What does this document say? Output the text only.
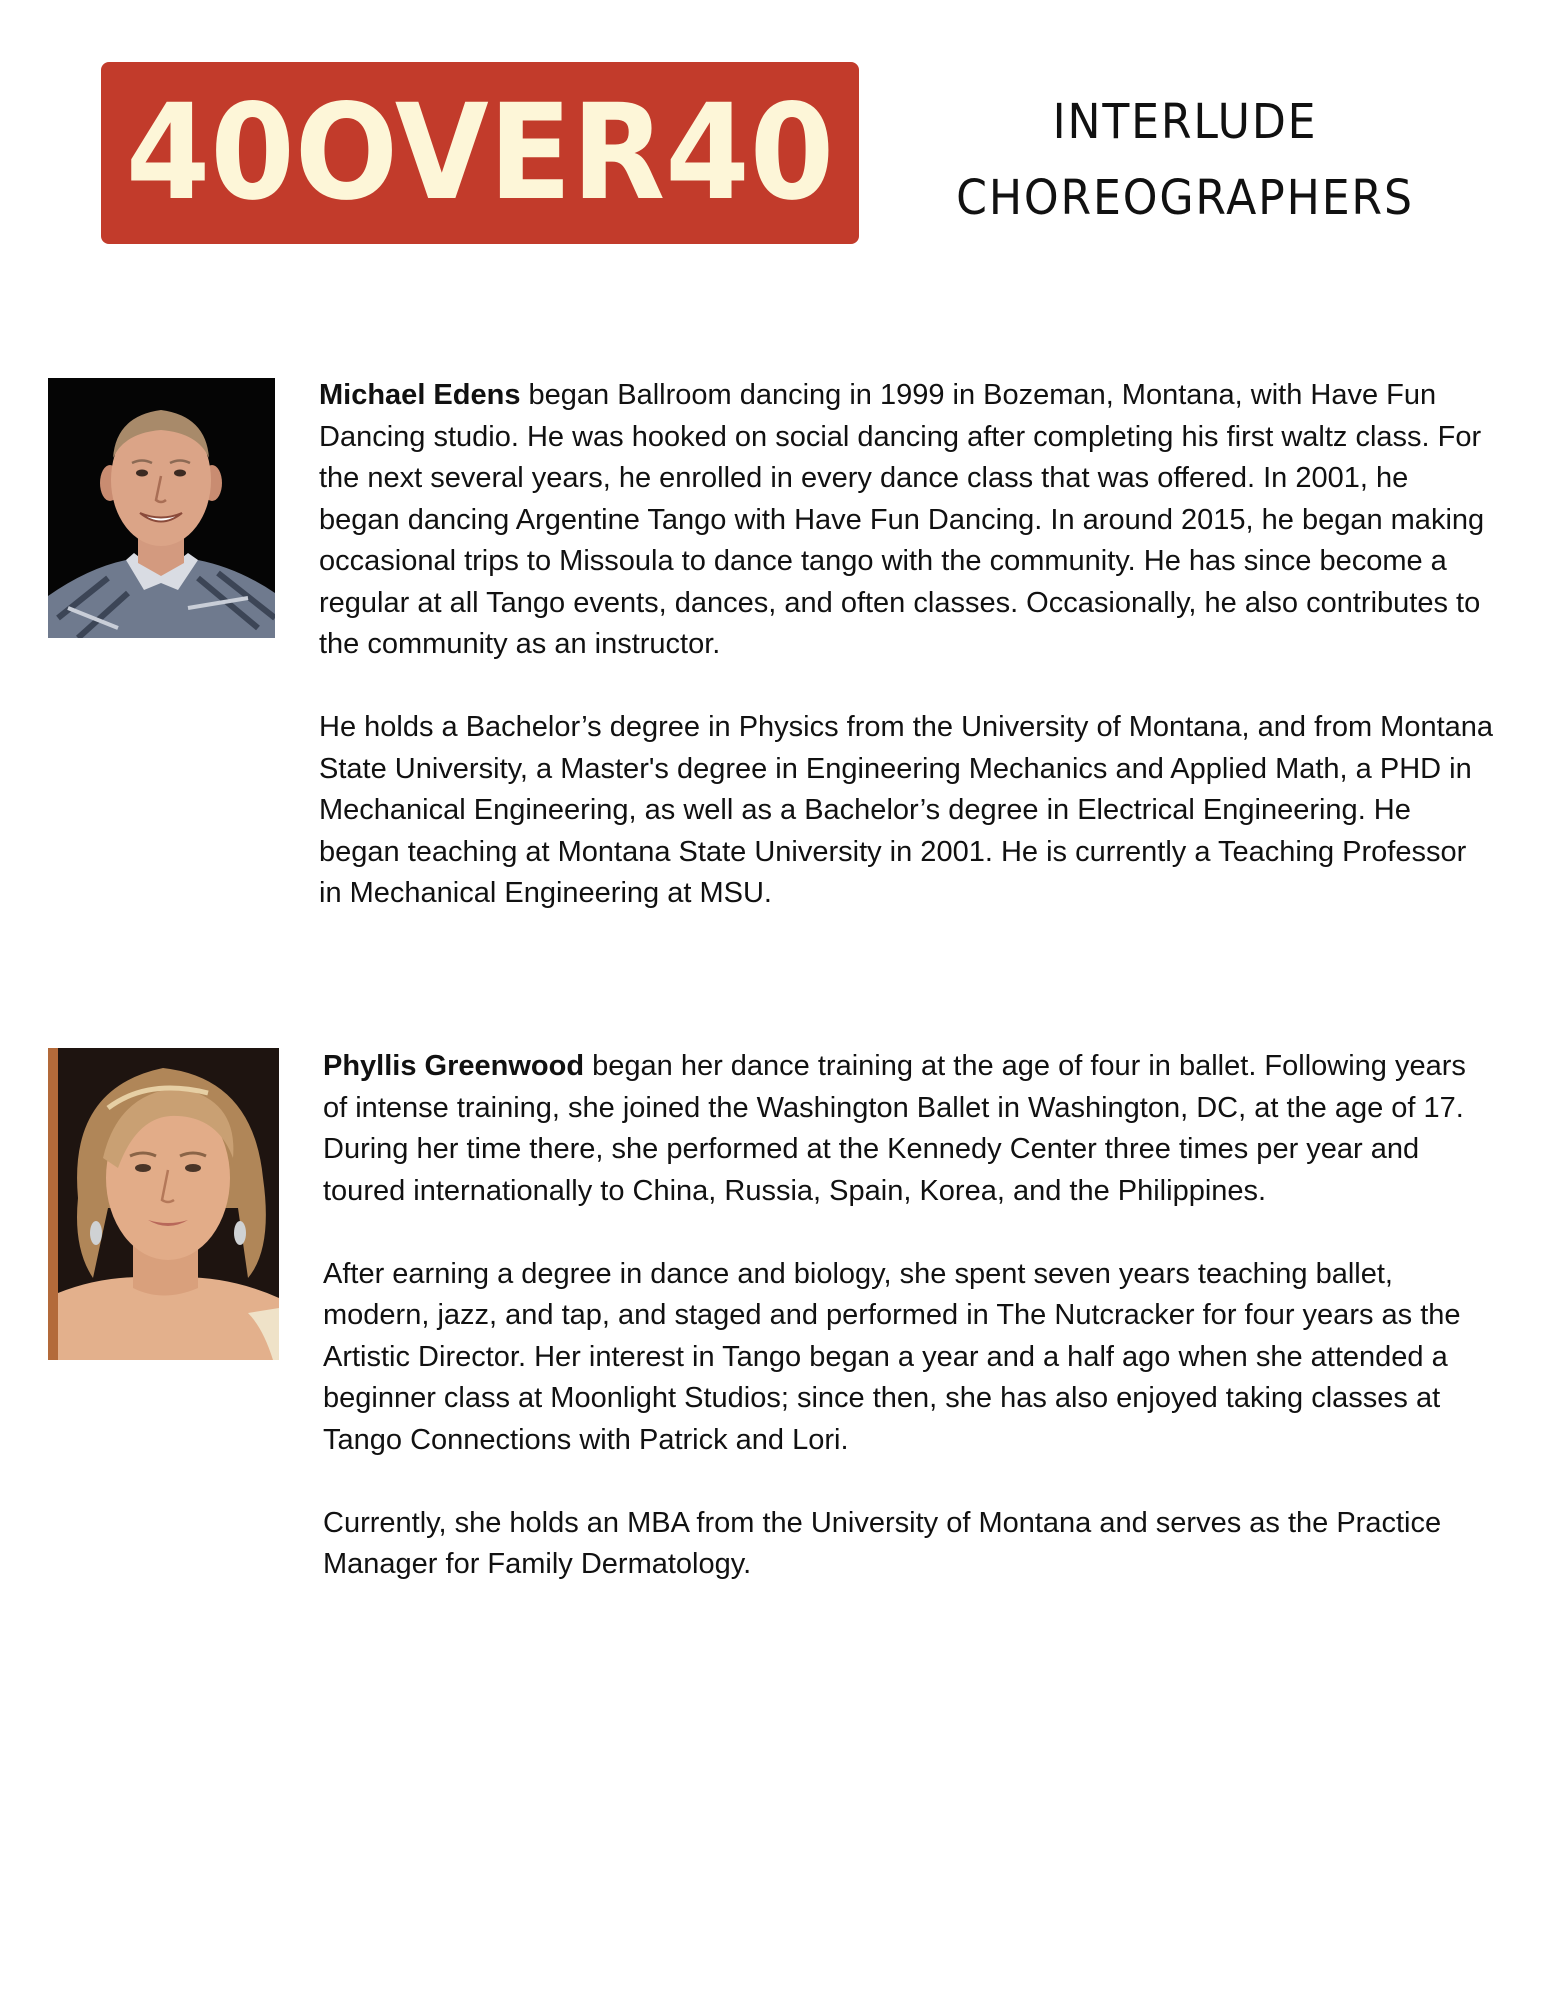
40OVER40	INTERLUDE
CHOREOGRAPHERS

Michael Edens began Ballroom dancing in 1999 in Bozeman, Montana, with Have Fun Dancing studio. He was hooked on social dancing after completing his first waltz class. For the next several years, he enrolled in every dance class that was offered. In 2001, he began dancing Argentine Tango with Have Fun Dancing. In around 2015, he began making occasional trips to Missoula to dance tango with the community. He has since become a regular at all Tango events, dances, and often classes. Occasionally, he also contributes to the community as an instructor.

He holds a Bachelor’s degree in Physics from the University of Montana, and from Montana State University, a Master's degree in Engineering Mechanics and Applied Math, a PHD in Mechanical Engineering, as well as a Bachelor’s degree in Electrical Engineering. He began teaching at Montana State University in 2001. He is currently a Teaching Professor in Mechanical Engineering at MSU.

Phyllis Greenwood began her dance training at the age of four in ballet. Following years of intense training, she joined the Washington Ballet in Washington, DC, at the age of 17. During her time there, she performed at the Kennedy Center three times per year and toured internationally to China, Russia, Spain, Korea, and the Philippines.

After earning a degree in dance and biology, she spent seven years teaching ballet, modern, jazz, and tap, and staged and performed in The Nutcracker for four years as the Artistic Director. Her interest in Tango began a year and a half ago when she attended a beginner class at Moonlight Studios; since then, she has also enjoyed taking classes at Tango Connections with Patrick and Lori.

Currently, she holds an MBA from the University of Montana and serves as the Practice Manager for Family Dermatology.
